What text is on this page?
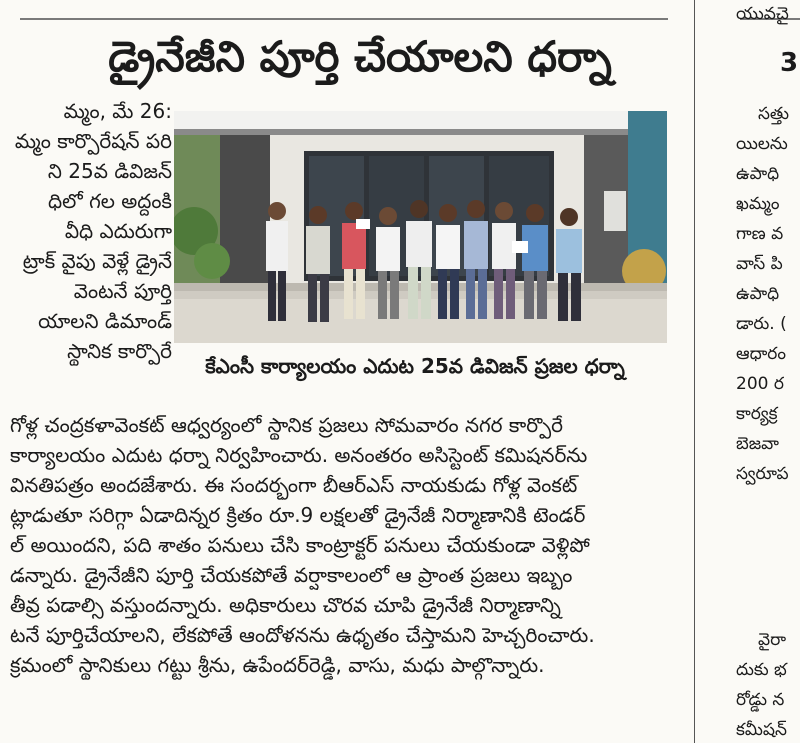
డ్రైనేజీని పూర్తి చేయాలని ధర్నా
మ్మం, మే 26:
మ్మం కార్పొరేషన్ పరి
ని 25వ డివిజన్
ధిలో గల అద్దంకి
వీధి ఎదురుగా
ట్రాక్ వైపు వెళ్లే డ్రైనే
వెంటనే పూర్తి
యాలని డిమాండ్
స్థానిక కార్పొరే
కేఎంసీ కార్యాలయం ఎదుట 25వ డివిజన్ ప్రజల ధర్నా
గోళ్ల చంద్రకళావెంకట్ ఆధ్వర్యంలో స్థానిక ప్రజలు సోమవారం నగర కార్పొరే
కార్యాలయం ఎదుట ధర్నా నిర్వహించారు. అనంతరం అసిస్టెంట్ కమిషనర్‌ను
వినతిపత్రం అందజేశారు. ఈ సందర్భంగా బీఆర్ఎస్ నాయకుడు గోళ్ల వెంకట్
ట్లాడుతూ సరిగ్గా ఏడాదిన్నర క్రితం రూ.9 లక్షలతో డ్రైనేజీ నిర్మాణానికి టెండర్
ల్ అయిందని, పది శాతం పనులు చేసి కాంట్రాక్టర్ పనులు చేయకుండా వెళ్లిపో
డన్నారు. డ్రైనేజీని పూర్తి చేయకపోతే వర్షాకాలంలో ఆ ప్రాంత ప్రజలు ఇబ్బం
తీవ్ర పడాల్సి వస్తుందన్నారు. అధికారులు చొరవ చూపి డ్రైనేజీ నిర్మాణాన్ని
టనే పూర్తిచేయాలని, లేకపోతే ఆందోళనను ఉధృతం చేస్తామని హెచ్చరించారు.
క్రమంలో స్థానికులు గట్టు శ్రీను, ఉపేందర్‌రెడ్డి, వాసు, మధు పాల్గొన్నారు.
యువచై
సత్తు
యిలను
ఉపాధి
ఖమ్మం
గాణ వ
వాస్ పి
ఉపాధి
డారు. (
ఆధారం
200 ర
కార్యక్ర
బెజవా
స్వరూప
వైరా
దుకు భ
రోడ్డు న
కమీషన్
3
